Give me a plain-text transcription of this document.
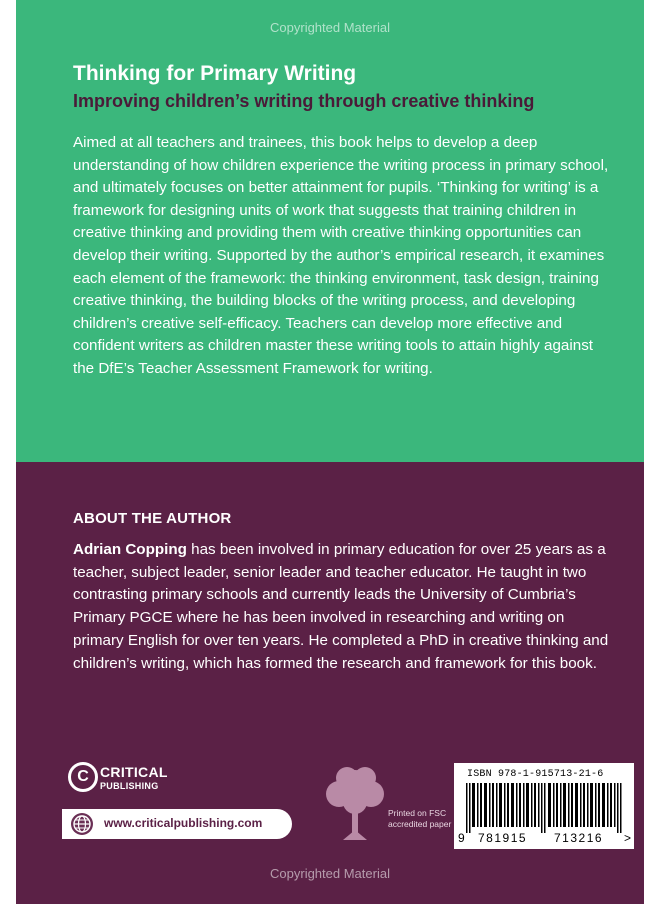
Copyrighted Material
Thinking for Primary Writing
Improving children’s writing through creative thinking

Aimed at all teachers and trainees, this book helps to develop a deep understanding of how children experience the writing process in primary school, and ultimately focuses on better attainment for pupils. ‘Thinking for writing’ is a framework for designing units of work that suggests that training children in creative thinking and providing them with creative thinking opportunities can develop their writing. Supported by the author’s empirical research, it examines each element of the framework: the thinking environment, task design, training creative thinking, the building blocks of the writing process, and developing children’s creative self-efficacy. Teachers can develop more effective and confident writers as children master these writing tools to attain highly against the DfE’s Teacher Assessment Framework for writing.

ABOUT THE AUTHOR

Adrian Copping has been involved in primary education for over 25 years as a teacher, subject leader, senior leader and teacher educator. He taught in two contrasting primary schools and currently leads the University of Cumbria’s Primary PGCE where he has been involved in researching and writing on primary English for over ten years. He completed a PhD in creative thinking and children’s writing, which has formed the research and framework for this book.

C CRITICAL
PUBLISHING
www.criticalpublishing.com
Printed on FSC
accredited paper
ISBN 978-1-915713-21-6
9 781915 713216 >
Copyrighted Material
